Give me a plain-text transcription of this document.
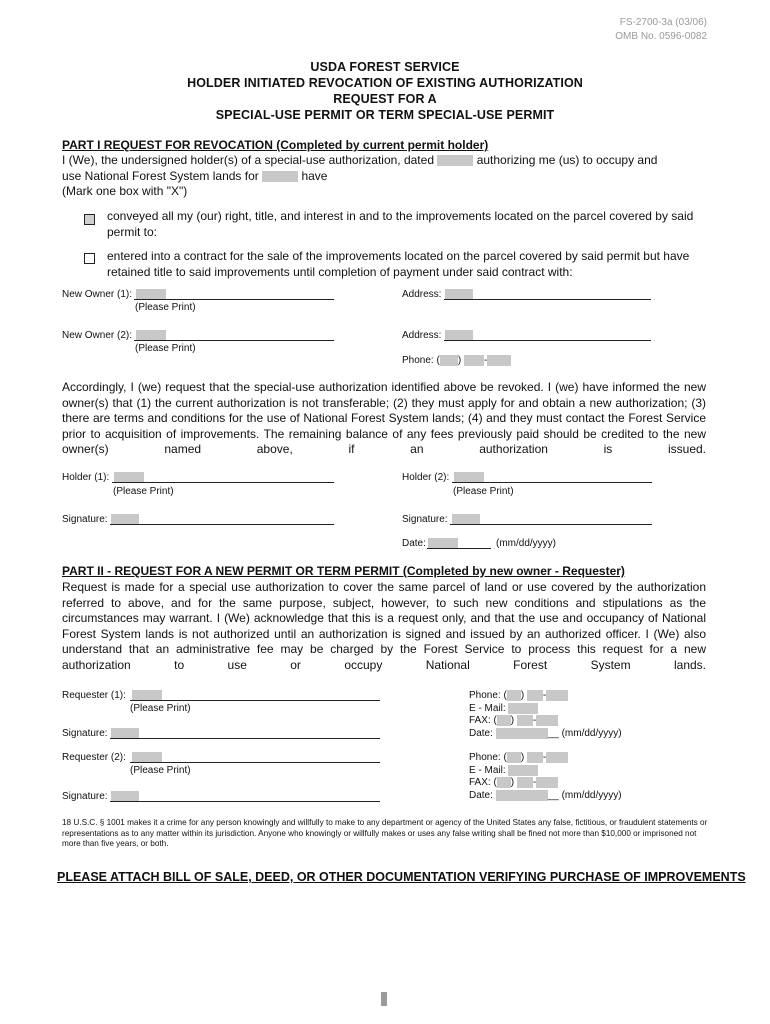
FS-2700-3a (03/06)
OMB No. 0596-0082
USDA FOREST SERVICE
HOLDER INITIATED REVOCATION OF EXISTING AUTHORIZATION
REQUEST FOR A
SPECIAL-USE PERMIT OR TERM SPECIAL-USE PERMIT
PART I REQUEST FOR REVOCATION (Completed by current permit holder)
I (We), the undersigned holder(s) of a special-use authorization, dated	authorizing me (us) to occupy and
use National Forest System lands for	have
(Mark one box with "X")
conveyed all my (our) right, title, and interest in and to the improvements located on the parcel covered by said permit to:
entered into a contract for the sale of the improvements located on the parcel covered by said permit but have retained title to said improvements until completion of payment under said contract with:
New Owner (1):
(Please Print)
Address:
New Owner (2):
(Please Print)
Address:
Phone: ( ) -
Accordingly, I (we) request that the special-use authorization identified above be revoked. I (we) have informed the new owner(s) that (1) the current authorization is not transferable; (2) they must apply for and obtain a new authorization; (3) there are terms and conditions for the use of National Forest System lands; (4) and they must contact the Forest Service prior to acquisition of improvements. The remaining balance of any fees previously paid should be credited to the new owner(s) named above, if an authorization is issued.
Holder (1):
(Please Print)
Holder (2):
(Please Print)
Signature:	Signature:
Date:	(mm/dd/yyyy)
PART II - REQUEST FOR A NEW PERMIT OR TERM PERMIT (Completed by new owner - Requester)
Request is made for a special use authorization to cover the same parcel of land or use covered by the authorization referred to above, and for the same purpose, subject, however, to such new conditions and stipulations as the circumstances may warrant. I (We) acknowledge that this is a request only, and that the use and occupancy of National Forest System lands is not authorized until an authorization is signed and issued by an authorized officer. I (We) also understand that an administrative fee may be charged by the Forest Service to process this request for a new authorization to use or occupy National Forest System lands.
Requester (1):
(Please Print)
Signature:
Phone: ( ) -
E - Mail:
FAX: ( ) -
Date:	__ (mm/dd/yyyy)
Requester (2):
(Please Print)
Signature:
Phone: ( ) -
E - Mail:
FAX: ( ) -
Date:	__ (mm/dd/yyyy)
18 U.S.C. § 1001 makes it a crime for any person knowingly and willfully to make to any department or agency of the United States any false, fictitious, or fraudulent statements or representations as to any matter within its jurisdiction. Anyone who knowingly or willfully makes or uses any false writing shall be fined not more than $10,000 or imprisoned not more than five years, or both.
PLEASE ATTACH BILL OF SALE, DEED, OR OTHER DOCUMENTATION VERIFYING PURCHASE OF IMPROVEMENTS
